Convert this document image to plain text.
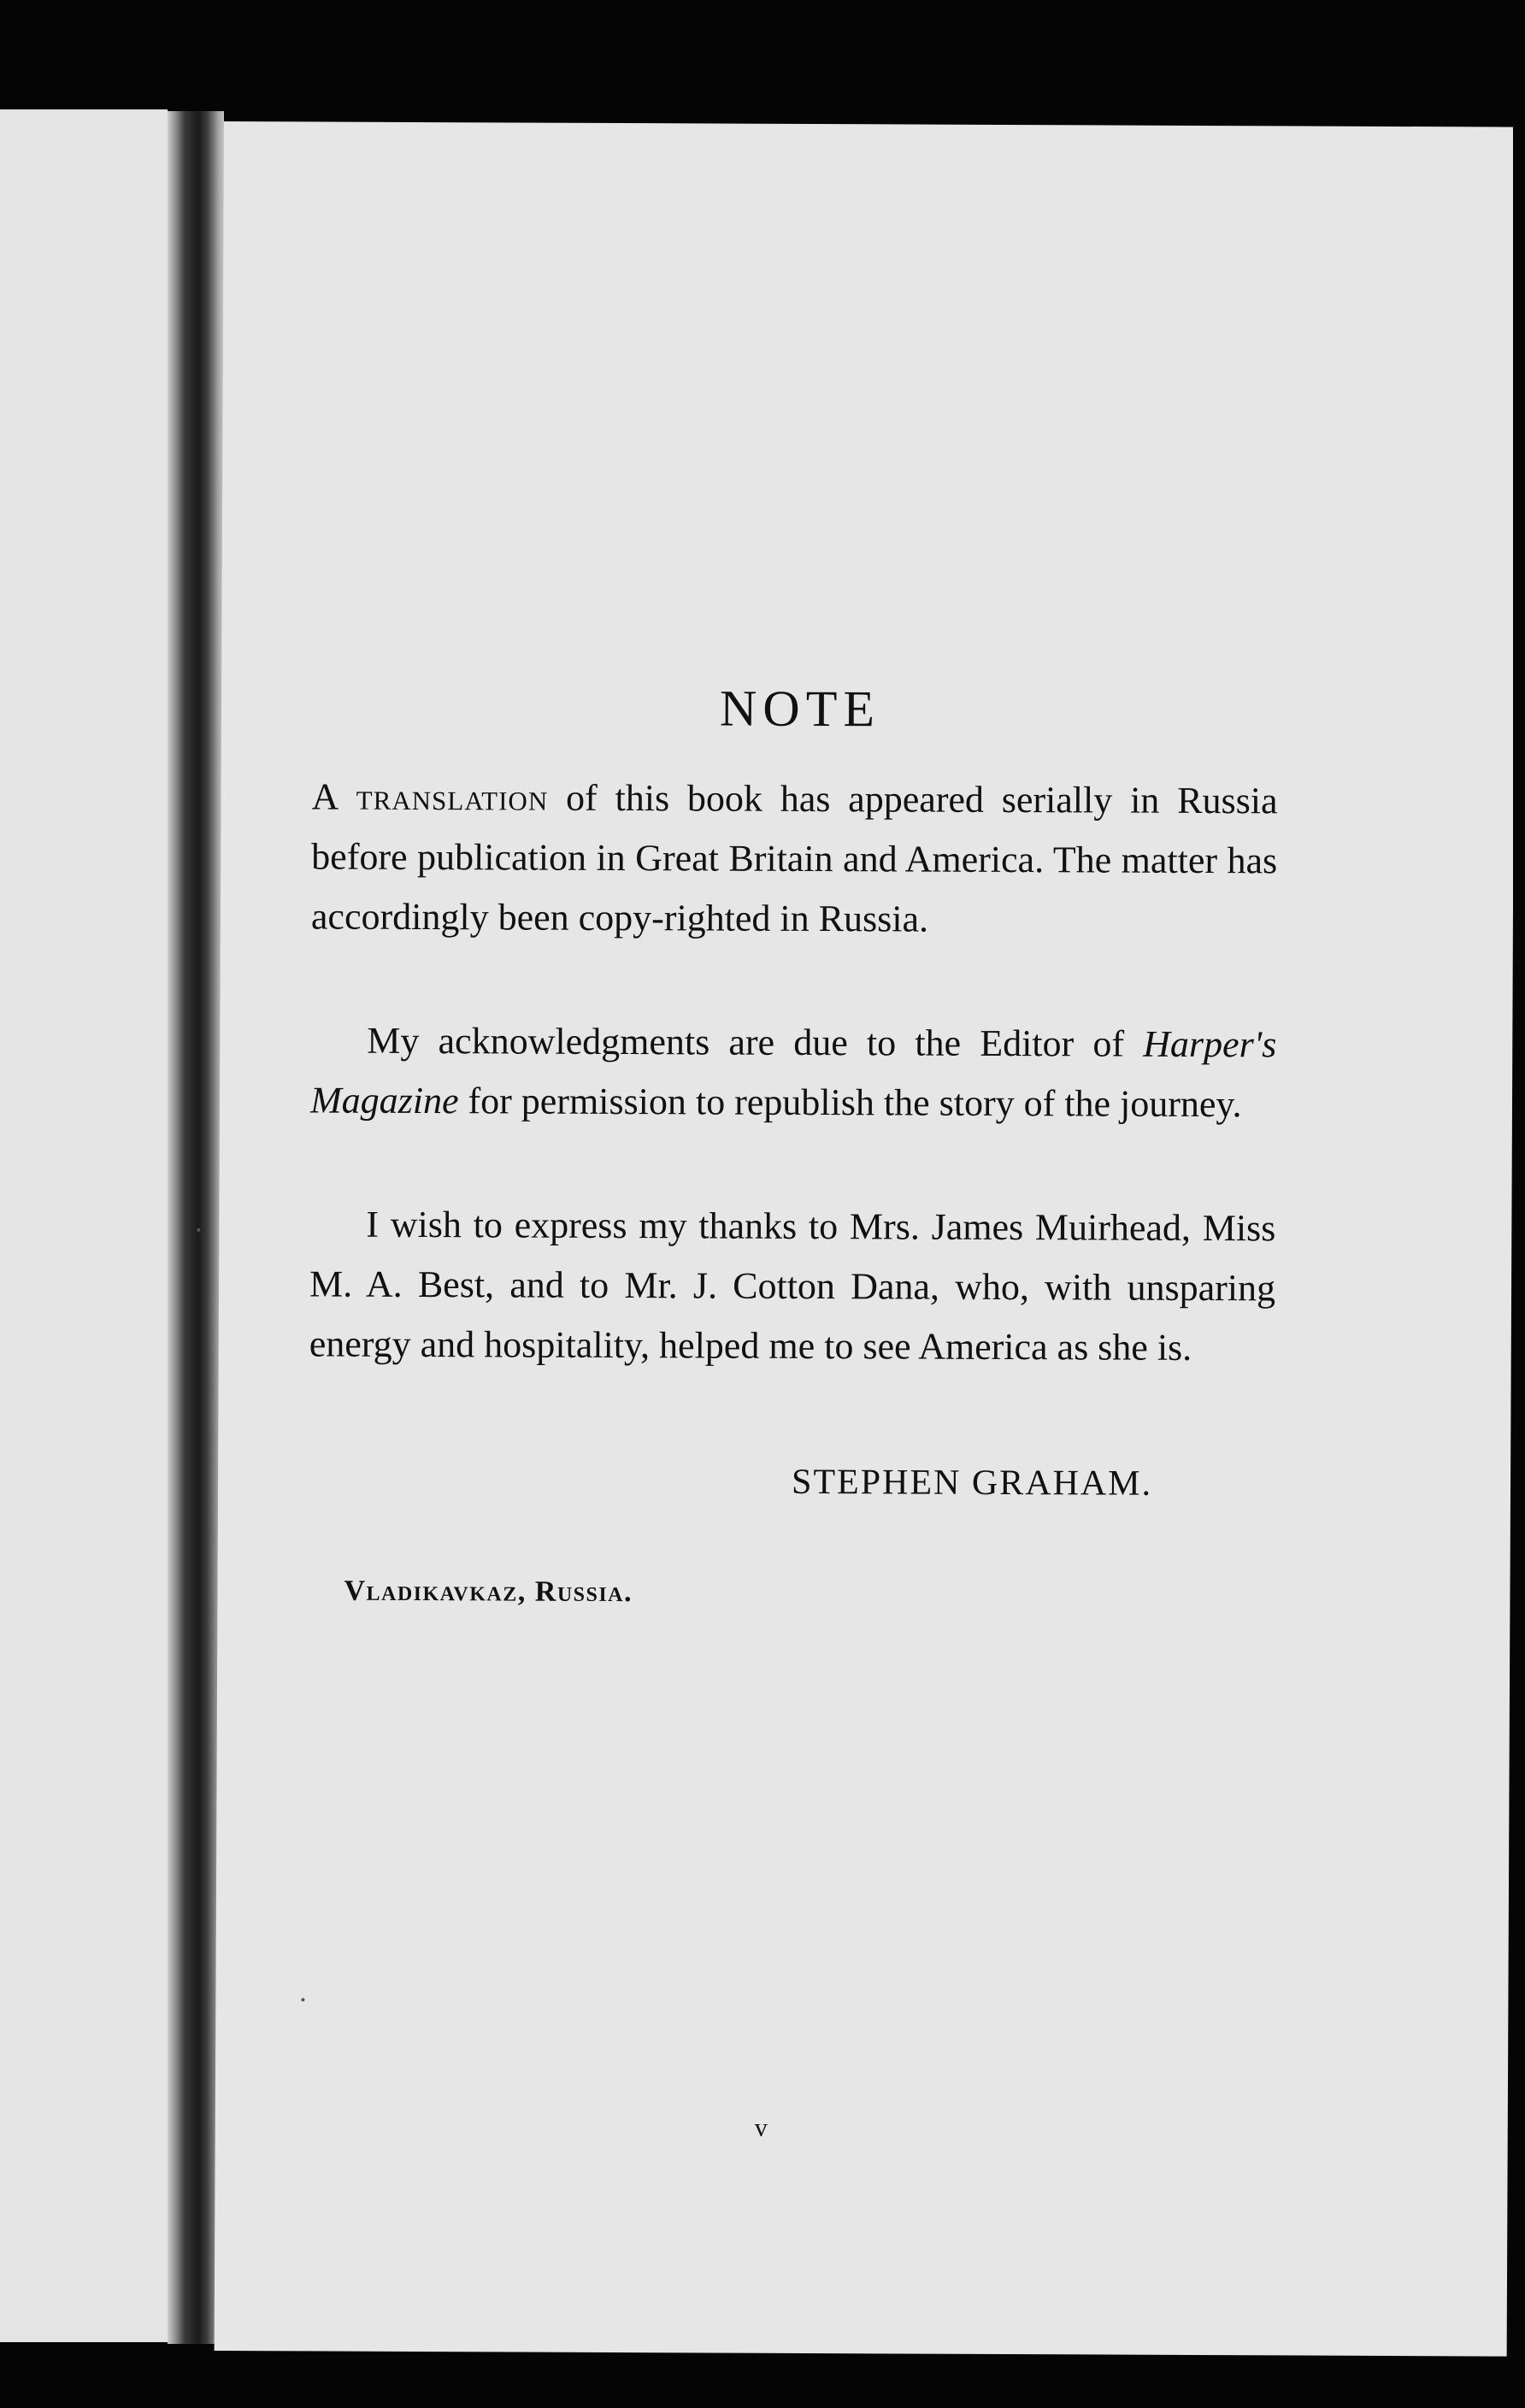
NOTE

A translation of this book has appeared serially in Russia before publication in Great Britain and America. The matter has accordingly been copy-righted in Russia.

My acknowledgments are due to the Editor of Harper's Magazine for permission to republish the story of the journey.

I wish to express my thanks to Mrs. James Muirhead, Miss M. A. Best, and to Mr. J. Cotton Dana, who, with unsparing energy and hospitality, helped me to see America as she is.

STEPHEN GRAHAM.

Vladikavkaz, Russia.

v
